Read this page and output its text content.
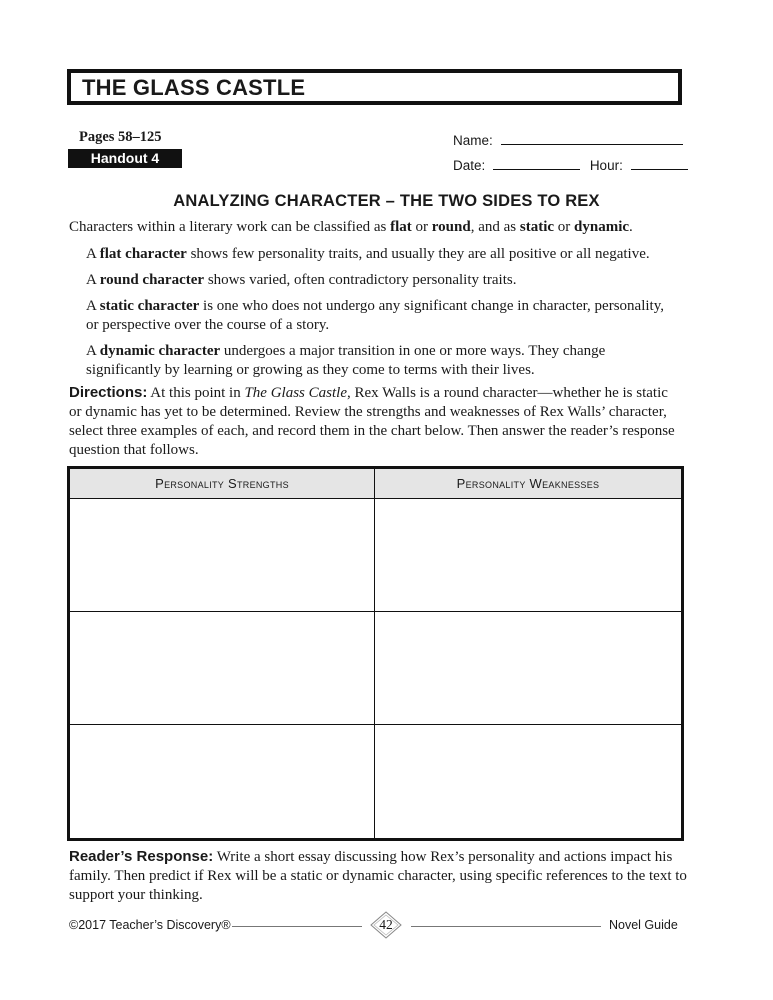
THE GLASS CASTLE
Pages 58–125
Handout 4
Name:
Date:	Hour:
ANALYZING CHARACTER – THE TWO SIDES TO REX
Characters within a literary work can be classified as flat or round, and as static or dynamic.
A flat character shows few personality traits, and usually they are all positive or all negative.
A round character shows varied, often contradictory personality traits.
A static character is one who does not undergo any significant change in character, personality, or perspective over the course of a story.
A dynamic character undergoes a major transition in one or more ways. They change significantly by learning or growing as they come to terms with their lives.
Directions: At this point in The Glass Castle, Rex Walls is a round character—whether he is static or dynamic has yet to be determined. Review the strengths and weaknesses of Rex Walls’ character, select three examples of each, and record them in the chart below. Then answer the reader’s response question that follows.
Personality Strengths	Personality Weaknesses
Reader’s Response: Write a short essay discussing how Rex’s personality and actions impact his family. Then predict if Rex will be a static or dynamic character, using specific references to the text to support your thinking.
©2017 Teacher’s Discovery®	42	Novel Guide
